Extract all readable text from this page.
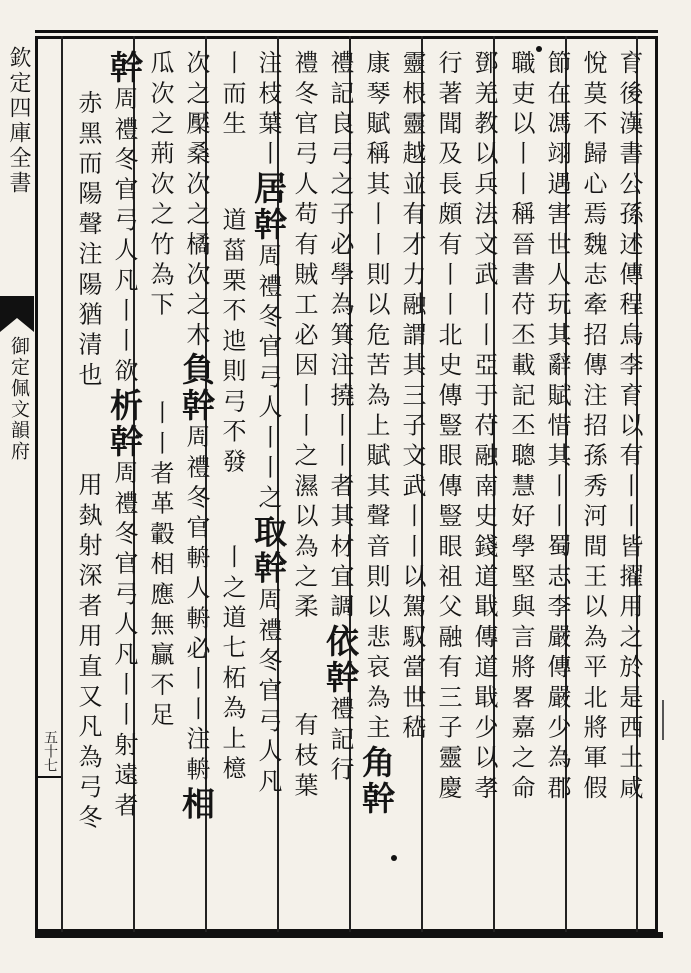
欽定四庫全書
御定佩文韻府
五十七	育後漢書公孫述傳程烏李育以有丨丨皆擢用之於是西土咸
悅莫不歸心焉魏志牽招傳注招孫秀河間王以為平北將軍假
節在馮翊遇害世人玩其辭賦惜其丨丨蜀志李嚴傳嚴少為郡
職吏以丨丨稱晉書苻丕載記丕聰慧好學堅與言將畧嘉之命
鄧羌教以兵法文武丨丨亞于苻融南史錢道戢傳道戢少以孝
行著聞及長頗有丨丨北史傳豎眼傳豎眼祖父融有三子靈慶
靈根靈越並有才力融謂其三子文武丨丨以駕馭當世嵇
康琴賦稱其丨丨則以危苦為上賦其聲音則以悲哀為主角幹
禮記良弓之子必學為箕注撓丨丨者其材宜調依幹禮記行
禮冬官弓人苟有賊工必因丨丨之濕以為之柔有枝葉
注枝葉丨居幹周禮冬官弓人丨丨之取幹周禮冬官弓人凡
丨而生道菑栗不迆則弓不發丨之道七柘為上檍
次之檿桑次之橘次之木負幹周禮冬官輈人輈必丨丨注輈相
瓜次之荊次之竹為下丨丨者革轂相應無贏不足
幹周禮冬官弓人凡丨丨欲析幹周禮冬官弓人凡丨丨射遠者
赤黑而陽聲注陽猶清也用埶射深者用直又凡為弓冬
